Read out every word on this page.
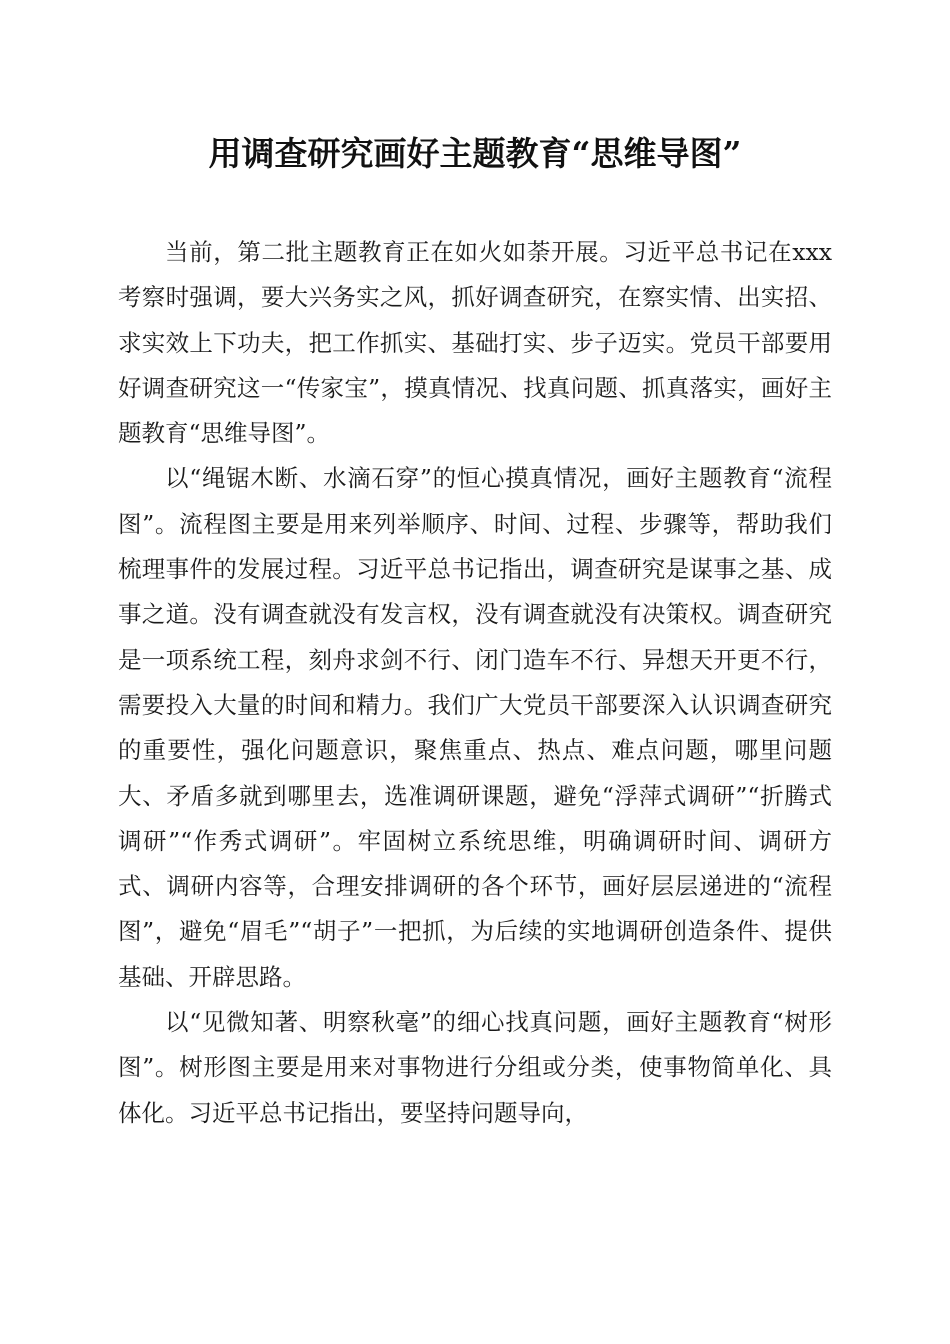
用调查研究画好主题教育“思维导图”

当前，第二批主题教育正在如火如荼开展。习近平总书记在xxx考察时强调，要大兴务实之风，抓好调查研究，在察实情、出实招、求实效上下功夫，把工作抓实、基础打实、步子迈实。党员干部要用好调查研究这一“传家宝”，摸真情况、找真问题、抓真落实，画好主题教育“思维导图”。

以“绳锯木断、水滴石穿”的恒心摸真情况，画好主题教育“流程图”。流程图主要是用来列举顺序、时间、过程、步骤等，帮助我们梳理事件的发展过程。习近平总书记指出，调查研究是谋事之基、成事之道。没有调查就没有发言权，没有调查就没有决策权。调查研究是一项系统工程，刻舟求剑不行、闭门造车不行、异想天开更不行，需要投入大量的时间和精力。我们广大党员干部要深入认识调查研究的重要性，强化问题意识，聚焦重点、热点、难点问题，哪里问题大、矛盾多就到哪里去，选准调研课题，避免“浮萍式调研”“折腾式调研”“作秀式调研”。牢固树立系统思维，明确调研时间、调研方式、调研内容等，合理安排调研的各个环节，画好层层递进的“流程图”，避免“眉毛”“胡子”一把抓，为后续的实地调研创造条件、提供基础、开辟思路。

以“见微知著、明察秋毫”的细心找真问题，画好主题教育“树形图”。树形图主要是用来对事物进行分组或分类，使事物简单化、具体化。习近平总书记指出，要坚持问题导向，
